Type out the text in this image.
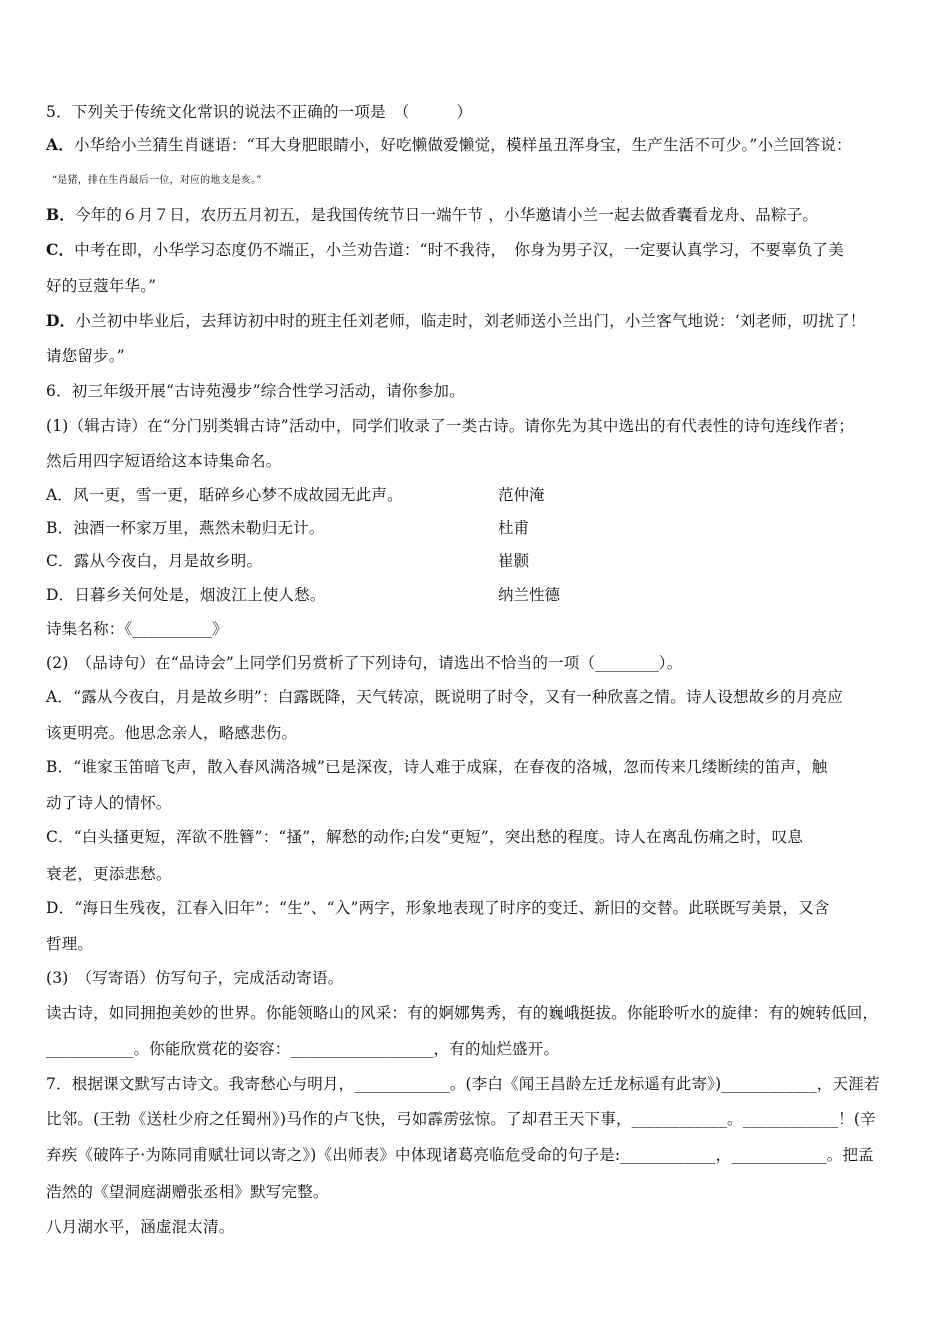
5．下列关于传统文化常识的说法不正确的一项是　（　　　）
A．小华给小兰猜生肖谜语：“耳大身肥眼睛小，好吃懒做爱懒觉，模样虽丑浑身宝，生产生活不可少。”小兰回答说：
“是猪，排在生肖最后一位，对应的地支是亥。”
B．今年的６月７日，农历五月初五，是我国传统节日一端午节 ，小华邀请小兰一起去做香囊看龙舟、品粽子。
C．中考在即，小华学习态度仍不端正，小兰劝告道：“时不我待，　你身为男子汉，一定要认真学习，不要辜负了美
好的豆蔻年华。”
D．小兰初中毕业后，去拜访初中时的班主任刘老师，临走时，刘老师送小兰出门，小兰客气地说：‘刘老师，叨扰了！
请您留步。”
6．初三年级开展“古诗苑漫步”综合性学习活动，请你参加。
(1)（辑古诗）在“分门别类辑古诗”活动中，同学们收录了一类古诗。请你先为其中选出的有代表性的诗句连线作者；
然后用四字短语给这本诗集命名。
A．风一更，雪一更，聒碎乡心梦不成故园无此声。	范仲淹
B．浊酒一杯家万里，燕然未勒归无计。	杜甫
C．露从今夜白，月是故乡明。	崔颢
D．日暮乡关何处是，烟波江上使人愁。	纳兰性德
诗集名称：《__________》
(2)　（品诗句）在“品诗会”上同学们另赏析了下列诗句，请选出不恰当的一项（________）。
A．“露从今夜白，月是故乡明”：白露既降，天气转凉，既说明了时令，又有一种欣喜之情。诗人设想故乡的月亮应
该更明亮。他思念亲人，略感悲伤。
B．“谁家玉笛暗飞声，散入春风满洛城”已是深夜，诗人难于成寐，在春夜的洛城，忽而传来几缕断续的笛声，触
动了诗人的情怀。
C．“白头搔更短，浑欲不胜簪”：“搔”，解愁的动作;白发“更短”，突出愁的程度。诗人在离乱伤痛之时，叹息
衰老，更添悲愁。
D．“海日生残夜，江春入旧年”：“生”、“入”两字，形象地表现了时序的变迁、新旧的交替。此联既写美景，又含
哲理。
(3)　（写寄语）仿写句子，完成活动寄语。
读古诗，如同拥抱美妙的世界。你能领略山的风采：有的婀娜隽秀，有的巍峨挺拔。你能聆听水的旋律：有的婉转低回，
___________。你能欣赏花的姿容：__________________，有的灿烂盛开。
7．根据课文默写古诗文。我寄愁心与明月，____________。(李白《闻王昌龄左迁龙标遥有此寄》)____________，天涯若
比邻。(王勃《送杜少府之任蜀州》)马作的卢飞快，弓如霹雳弦惊。了却君王天下事，____________。____________！(辛
弃疾《破阵子·为陈同甫赋壮词以寄之》)《出师表》中体现诸葛亮临危受命的句子是:____________，____________。把孟
浩然的《望洞庭湖赠张丞相》默写完整。
八月湖水平，涵虚混太清。
